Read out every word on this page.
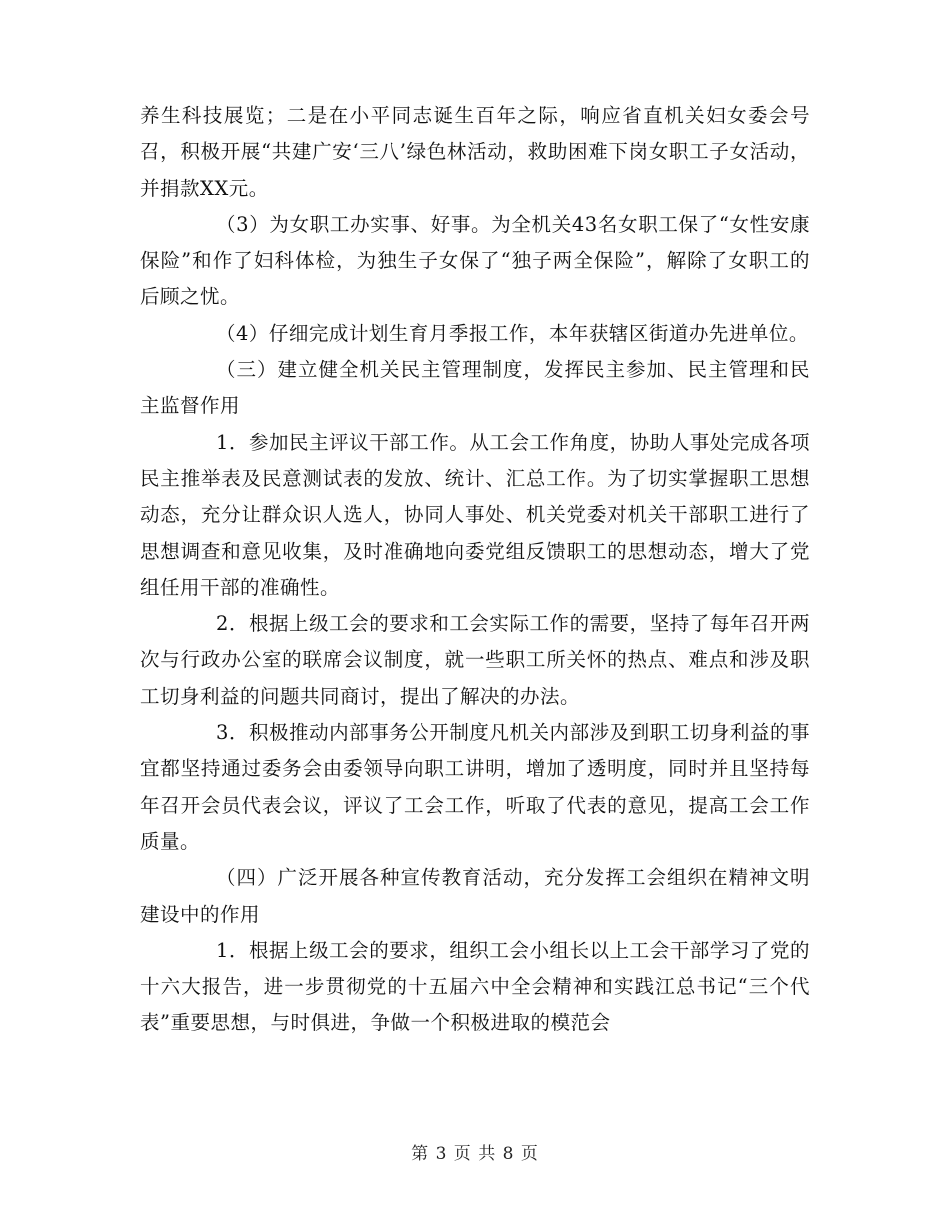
养生科技展览；二是在小平同志诞生百年之际，响应省直机关妇女委会号召，积极开展“共建广安‘三八’绿色林活动，救助困难下岗女职工子女活动，并捐款XX元。

（3）为女职工办实事、好事。为全机关43名女职工保了“女性安康保险”和作了妇科体检，为独生子女保了“独子两全保险”，解除了女职工的后顾之忧。

（4）仔细完成计划生育月季报工作，本年获辖区街道办先进单位。

（三）建立健全机关民主管理制度，发挥民主参加、民主管理和民主监督作用

1．参加民主评议干部工作。从工会工作角度，协助人事处完成各项民主推举表及民意测试表的发放、统计、汇总工作。为了切实掌握职工思想动态，充分让群众识人选人，协同人事处、机关党委对机关干部职工进行了思想调查和意见收集，及时准确地向委党组反馈职工的思想动态，增大了党组任用干部的准确性。

2．根据上级工会的要求和工会实际工作的需要，坚持了每年召开两次与行政办公室的联席会议制度，就一些职工所关怀的热点、难点和涉及职工切身利益的问题共同商讨，提出了解决的办法。

3．积极推动内部事务公开制度凡机关内部涉及到职工切身利益的事宜都坚持通过委务会由委领导向职工讲明，增加了透明度，同时并且坚持每年召开会员代表会议，评议了工会工作，听取了代表的意见，提高工会工作质量。

（四）广泛开展各种宣传教育活动，充分发挥工会组织在精神文明建设中的作用

1．根据上级工会的要求，组织工会小组长以上工会干部学习了党的十六大报告，进一步贯彻党的十五届六中全会精神和实践江总书记“三个代表”重要思想，与时俱进，争做一个积极进取的模范会

第 3 页 共 8 页
